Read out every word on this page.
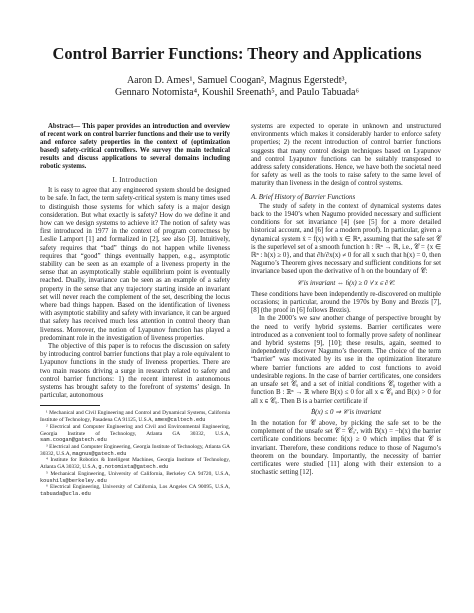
Control Barrier Functions: Theory and Applications
Aaron D. Ames¹, Samuel Coogan², Magnus Egerstedt³,
Gennaro Notomista⁴, Koushil Sreenath⁵, and Paulo Tabuada⁶

Abstract— This paper provides an introduction and overview of recent work on control barrier functions and their use to verify and enforce safety properties in the context of (optimization based) safety-critical controllers. We survey the main technical results and discuss applications to several domains including robotic systems.

I. Introduction

It is easy to agree that any engineered system should be designed to be safe. In fact, the term safety-critical system is many times used to distinguish those systems for which safety is a major design consideration. But what exactly is safety? How do we define it and how can we design systems to achieve it? The notion of safety was first introduced in 1977 in the context of program correctness by Leslie Lamport [1] and formalized in [2], see also [3]. Intuitively, safety requires that “bad” things do not happen while liveness requires that “good” things eventually happen, e.g., asymptotic stability can be seen as an example of a liveness property in the sense that an asymptotically stable equilibrium point is eventually reached. Dually, invariance can be seen as an example of a safety property in the sense that any trajectory starting inside an invariant set will never reach the complement of the set, describing the locus where bad things happen. Based on the identification of liveness with asymptotic stability and safety with invariance, it can be argued that safety has received much less attention in control theory than liveness. Moreover, the notion of Lyapunov function has played a predominant role in the investigation of liveness properties.

The objective of this paper is to refocus the discussion on safety by introducing control barrier functions that play a role equivalent to Lyapunov functions in the study of liveness properties. There are two main reasons driving a surge in research related to safety and control barrier functions: 1) the recent interest in autonomous systems has brought safety to the forefront of systems’ design. In particular, autonomous

¹ Mechanical and Civil Engineering and Control and Dynamical Systems, California Institute of Technology, Pasadena CA 91125, U.S.A, ames@caltech.edu
² Electrical and Computer Engineering and Civil and Environmental Engineering, Georgia Institute of Technology, Atlanta GA 30332, U.S.A, sam.coogan@gatech.edu
³ Electrical and Computer Engineering, Georgia Institute of Technology, Atlanta GA 30332, U.S.A, magnus@gatech.edu
⁴ Institute for Robotics & Intelligent Machines, Georgia Institute of Technology, Atlanta GA 30332, U.S.A, g.notomista@gatech.edu
⁵ Mechanical Engineering, University of California, Berkeley CA 94720, U.S.A, koushils@berkeley.edu
⁶ Electrical Engineering, University of California, Los Angeles CA 90095, U.S.A, tabuada@ucla.edu

systems are expected to operate in unknown and unstructured environments which makes it considerably harder to enforce safety properties; 2) the recent introduction of control barrier functions suggests that many control design techniques based on Lyapunov and control Lyapunov functions can be suitably transposed to address safety considerations. Hence, we have both the societal need for safety as well as the tools to raise safety to the same level of maturity than liveness in the design of control systems.

A. Brief History of Barrier Functions

The study of safety in the context of dynamical systems dates back to the 1940’s when Nagumo provided necessary and sufficient conditions for set invariance [4] (see [5] for a more detailed historical account, and [6] for a modern proof). In particular, given a dynamical system ẋ = f(x) with x ∈ ℝⁿ, assuming that the safe set 𝒞 is the superlevel set of a smooth function h : ℝⁿ → ℝ, i.e., 𝒞 = {x ∈ ℝⁿ : h(x) ≥ 0}, and that ∂h/∂x(x) ≠ 0 for all x such that h(x) = 0, then Nagumo’s Theorem gives necessary and sufficient conditions for set invariance based upon the derivative of h on the boundary of 𝒞:

𝒞 is invariant ⇔ ḣ(x) ≥ 0 ∀ x ∈ ∂𝒞.

These conditions have been independently re-discovered on multiple occasions; in particular, around the 1970s by Bony and Brezis [7], [8] (the proof in [6] follows Brezis).

In the 2000’s we saw another change of perspective brought by the need to verify hybrid systems. Barrier certificates were introduced as a convenient tool to formally prove safety of nonlinear and hybrid systems [9], [10]; these results, again, seemed to independently discover Nagumo’s theorem. The choice of the term “barrier” was motivated by its use in the optimization literature where barrier functions are added to cost functions to avoid undesirable regions. In the case of barrier certificates, one considers an unsafe set 𝒞ᵤ and a set of initial conditions 𝒞₀ together with a function B : ℝⁿ → ℝ where B(x) ≤ 0 for all x ∈ 𝒞₀ and B(x) > 0 for all x ∈ 𝒞ᵤ. Then B is a barrier certificate if

Ḃ(x) ≤ 0 ⇒ 𝒞 is invariant

In the notation for 𝒞 above, by picking the safe set to be the complement of the unsafe set 𝒞 = 𝒞ᵤᶜ, with B(x) = −h(x) the barrier certificate conditions become: ḣ(x) ≥ 0 which implies that 𝒞 is invariant. Therefore, these conditions reduce to those of Nagumo’s theorem on the boundary. Importantly, the necessity of barrier certificates were studied [11] along with their extension to a stochastic setting [12].
